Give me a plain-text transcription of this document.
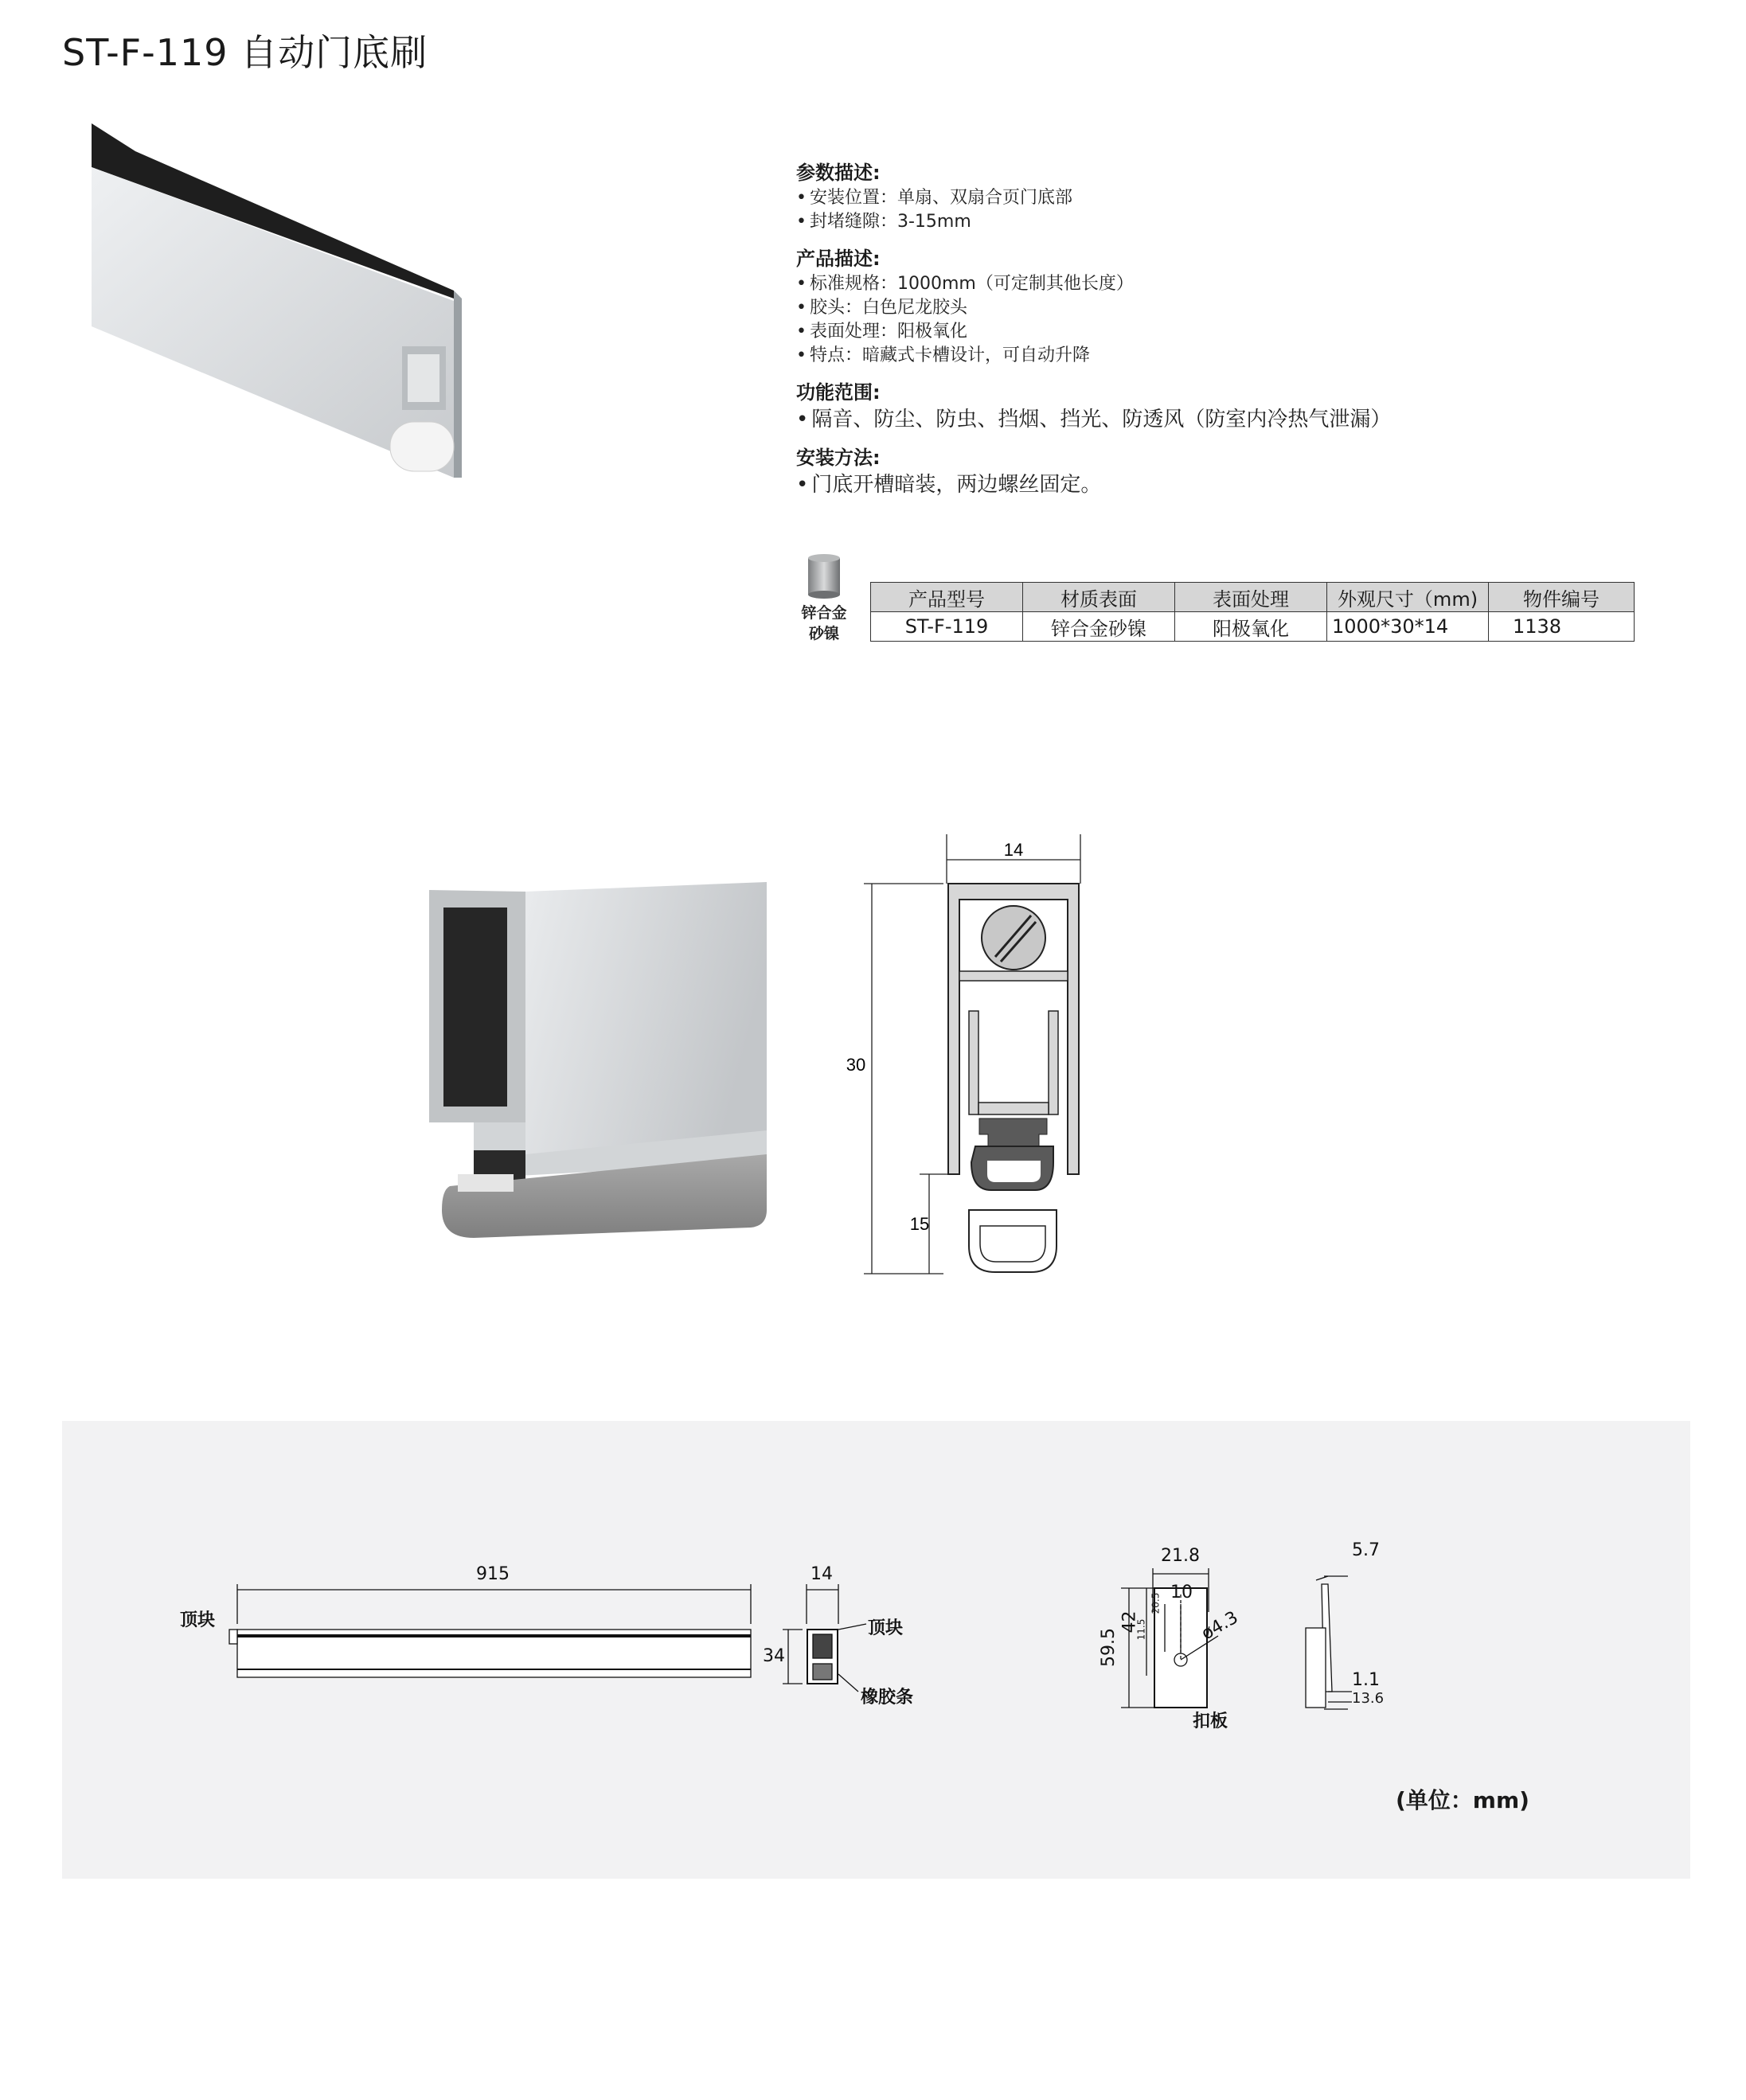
ST-F-119 自动门底刷

参数描述:

• 安装位置：单扇、双扇合页门底部

• 封堵缝隙：3-15mm

产品描述:

• 标准规格：1000mm（可定制其他长度）

• 胶头：白色尼龙胶头

• 表面处理：阳极氧化

• 特点：暗藏式卡槽设计，可自动升降

功能范围:

• 隔音、防尘、防虫、挡烟、挡光、防透风（防室内冷热气泄漏）

安装方法:

• 门底开槽暗装，两边螺丝固定。

锌合金
砂镍
产品型号	材质表面	表面处理	外观尺寸（mm)	物件编号
ST-F-119	锌合金砂镍	阳极氧化	1000*30*14	1138
14
30
15
915
顶块
14
34
顶块
橡胶条
21.8
59.5
42
11.5
20.5
10
ø4.3
扣板
5.7
1.1
13.6
(单位：mm)
